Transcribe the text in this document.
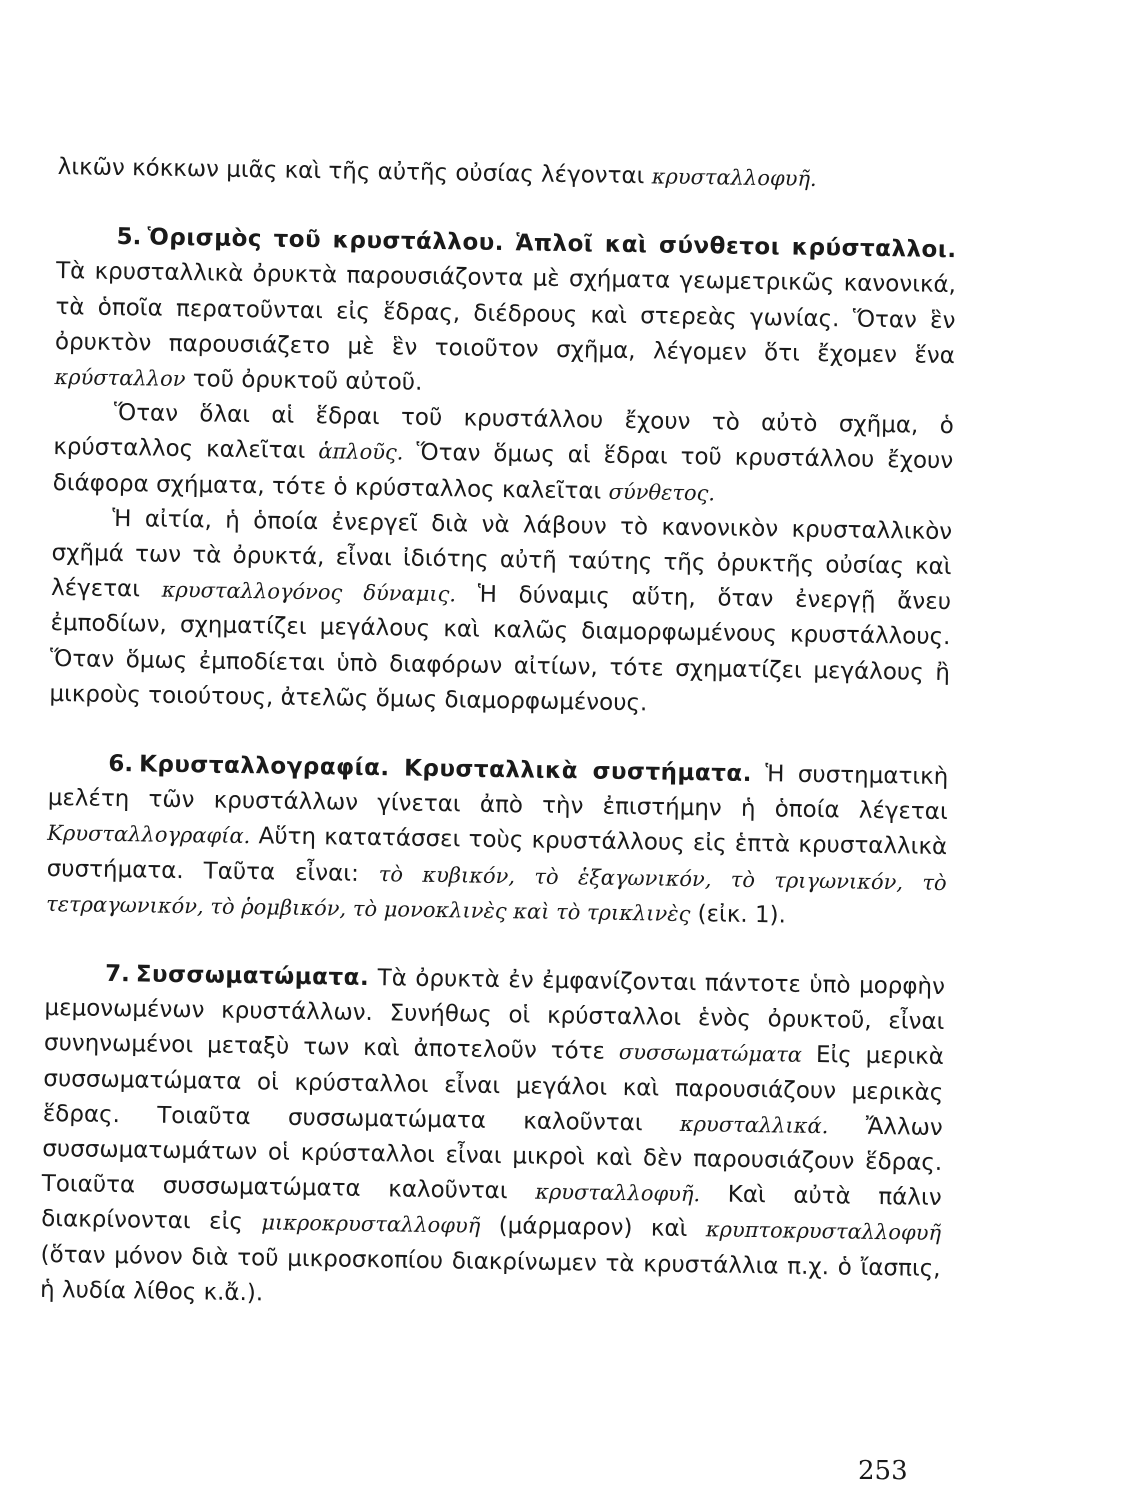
λικῶν κόκκων μιᾶς καὶ τῆς αὐτῆς οὐσίας λέγονται κρυσταλλοφυῆ.

5. Ὁρισμὸς τοῦ κρυστάλλου. Ἁπλοῖ καὶ σύνθετοι κρύσταλλοι. Τὰ κρυσταλλικὰ ὀρυκτὰ παρουσιάζοντα μὲ σχήματα γεωμετρικῶς κανονικά, τὰ ὁποῖα περατοῦνται εἰς ἕδρας, διέδρους καὶ στερεὰς γωνίας. Ὅταν ἓν ὀρυκτὸν παρουσιάζετο μὲ ἓν τοιοῦτον σχῆμα, λέγομεν ὅτι ἔχομεν ἕνα κρύσταλλον τοῦ ὀρυκτοῦ αὐτοῦ.

Ὅταν ὅλαι αἱ ἕδραι τοῦ κρυστάλλου ἔχουν τὸ αὐτὸ σχῆμα, ὁ κρύσταλλος καλεῖται ἁπλοῦς. Ὅταν ὅμως αἱ ἕδραι τοῦ κρυστάλλου ἔχουν διάφορα σχήματα, τότε ὁ κρύσταλλος καλεῖται σύνθετος.

Ἡ αἰτία, ἡ ὁποία ἐνεργεῖ διὰ νὰ λάβουν τὸ κανονικὸν κρυσταλλικὸν σχῆμά των τὰ ὀρυκτά, εἶναι ἰδιότης αὐτῆ ταύτης τῆς ὀρυκτῆς οὐσίας καὶ λέγεται κρυσταλλογόνος δύναμις. Ἡ δύναμις αὕτη, ὅταν ἐνεργῇ ἄνευ ἐμποδίων, σχηματίζει μεγάλους καὶ καλῶς διαμορφωμένους κρυστάλλους. Ὅταν ὅμως ἐμποδίεται ὑπὸ διαφόρων αἰτίων, τότε σχηματίζει μεγάλους ἢ μικροὺς τοιούτους, ἀτελῶς ὅμως διαμορφωμένους.

6. Κρυσταλλογραφία. Κρυσταλλικὰ συστήματα. Ἡ συστηματικὴ μελέτη τῶν κρυστάλλων γίνεται ἀπὸ τὴν ἐπιστήμην ἡ ὁποία λέγεται Κρυσταλλογραφία. Αὕτη κατατάσσει τοὺς κρυστάλλους εἰς ἑπτὰ κρυσταλλικὰ συστήματα. Ταῦτα εἶναι: τὸ κυβικόν, τὸ ἑξαγωνικόν, τὸ τριγωνικόν, τὸ τετραγωνικόν, τὸ ῥομβικόν, τὸ μονοκλινὲς καὶ τὸ τρικλινὲς (εἰκ. 1).

7. Συσσωματώματα. Τὰ ὀρυκτὰ ἐν ἐμφανίζονται πάντοτε ὑπὸ μορφὴν μεμονωμένων κρυστάλλων. Συνήθως οἱ κρύσταλλοι ἑνὸς ὀρυκτοῦ, εἶναι συνηνωμένοι μεταξὺ των καὶ ἀποτελοῦν τότε συσσωματώματα Εἰς μερικὰ συσσωματώματα οἱ κρύσταλλοι εἶναι μεγάλοι καὶ παρουσιάζουν μερικὰς ἕδρας. Τοιαῦτα συσσωματώματα καλοῦνται κρυσταλλικά. Ἄλλων συσσωματωμάτων οἱ κρύσταλλοι εἶναι μικροὶ καὶ δὲν παρουσιάζουν ἕδρας. Τοιαῦτα συσσωματώματα καλοῦνται κρυσταλλοφυῆ. Καὶ αὐτὰ πάλιν διακρίνονται εἰς μικροκρυσταλλοφυῆ (μάρμαρον) καὶ κρυπτοκρυσταλλοφυῆ (ὅταν μόνον διὰ τοῦ μικροσκοπίου διακρίνωμεν τὰ κρυστάλλια π.χ. ὁ ἴασπις, ἡ λυδία λίθος κ.ἄ.).

253
